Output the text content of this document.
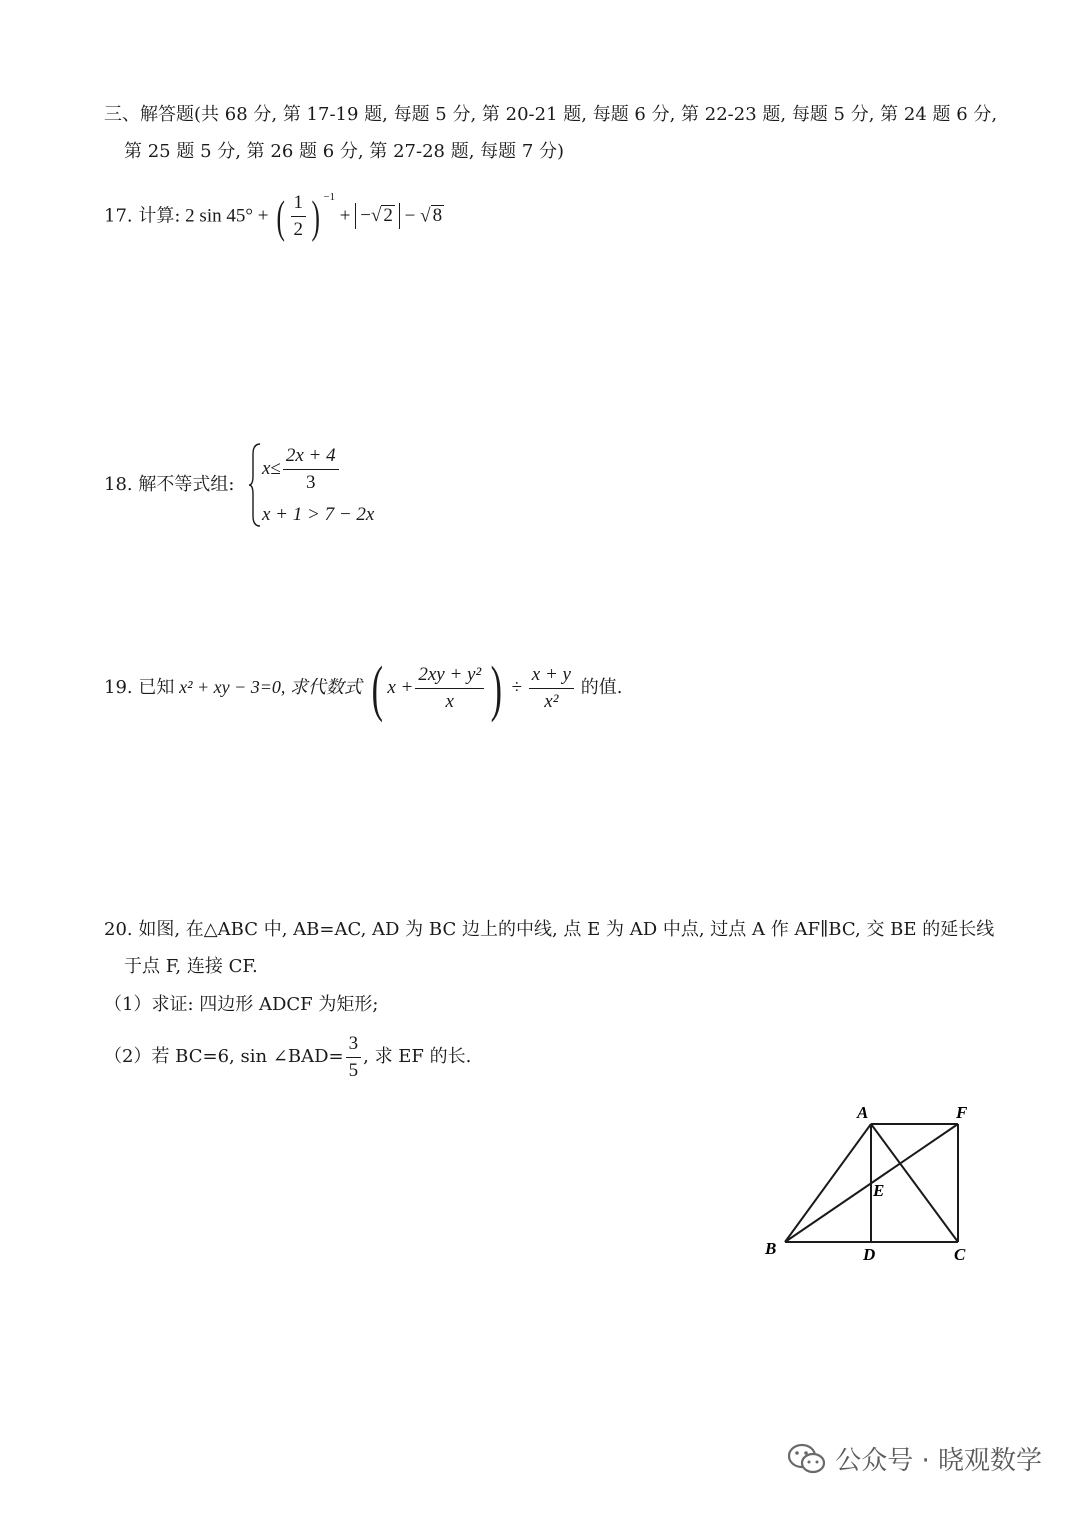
三、解答题(共 68 分, 第 17-19 题, 每题 5 分, 第 20-21 题, 每题 6 分, 第 22-23 题, 每题 5 分, 第 24 题 6 分,
第 25 题 5 分, 第 26 题 6 分, 第 27-28 题, 每题 7 分)
17. 计算: 2 sin 45° + ( $\frac{1}{2}$ ) $^{-1}$ + −√ 2 − √ 8
18. 解不等式组:
$x\le \frac{2x + 4}{3}$
x + 1 > 7 − 2x
19. 已知 x² + xy − 3=0, 求代数式 ( $x + \frac{\text{2xy + y²}}{x}$ ) ÷ $\frac{x + y}{\text{x²}}$ 的值.
20. 如图, 在△ABC 中, AB=AC, AD 为 BC 边上的中线, 点 E 为 AD 中点, 过点 A 作 AF∥BC, 交 BE 的延长线
于点 F, 连接 CF.
（1）求证: 四边形 ADCF 为矩形;
（2）若 BC=6, sin ∠BAD= $\frac{3}{5}$ , 求 EF 的长.
A	F
E
B	D	C
公众号 · 晓观数学
